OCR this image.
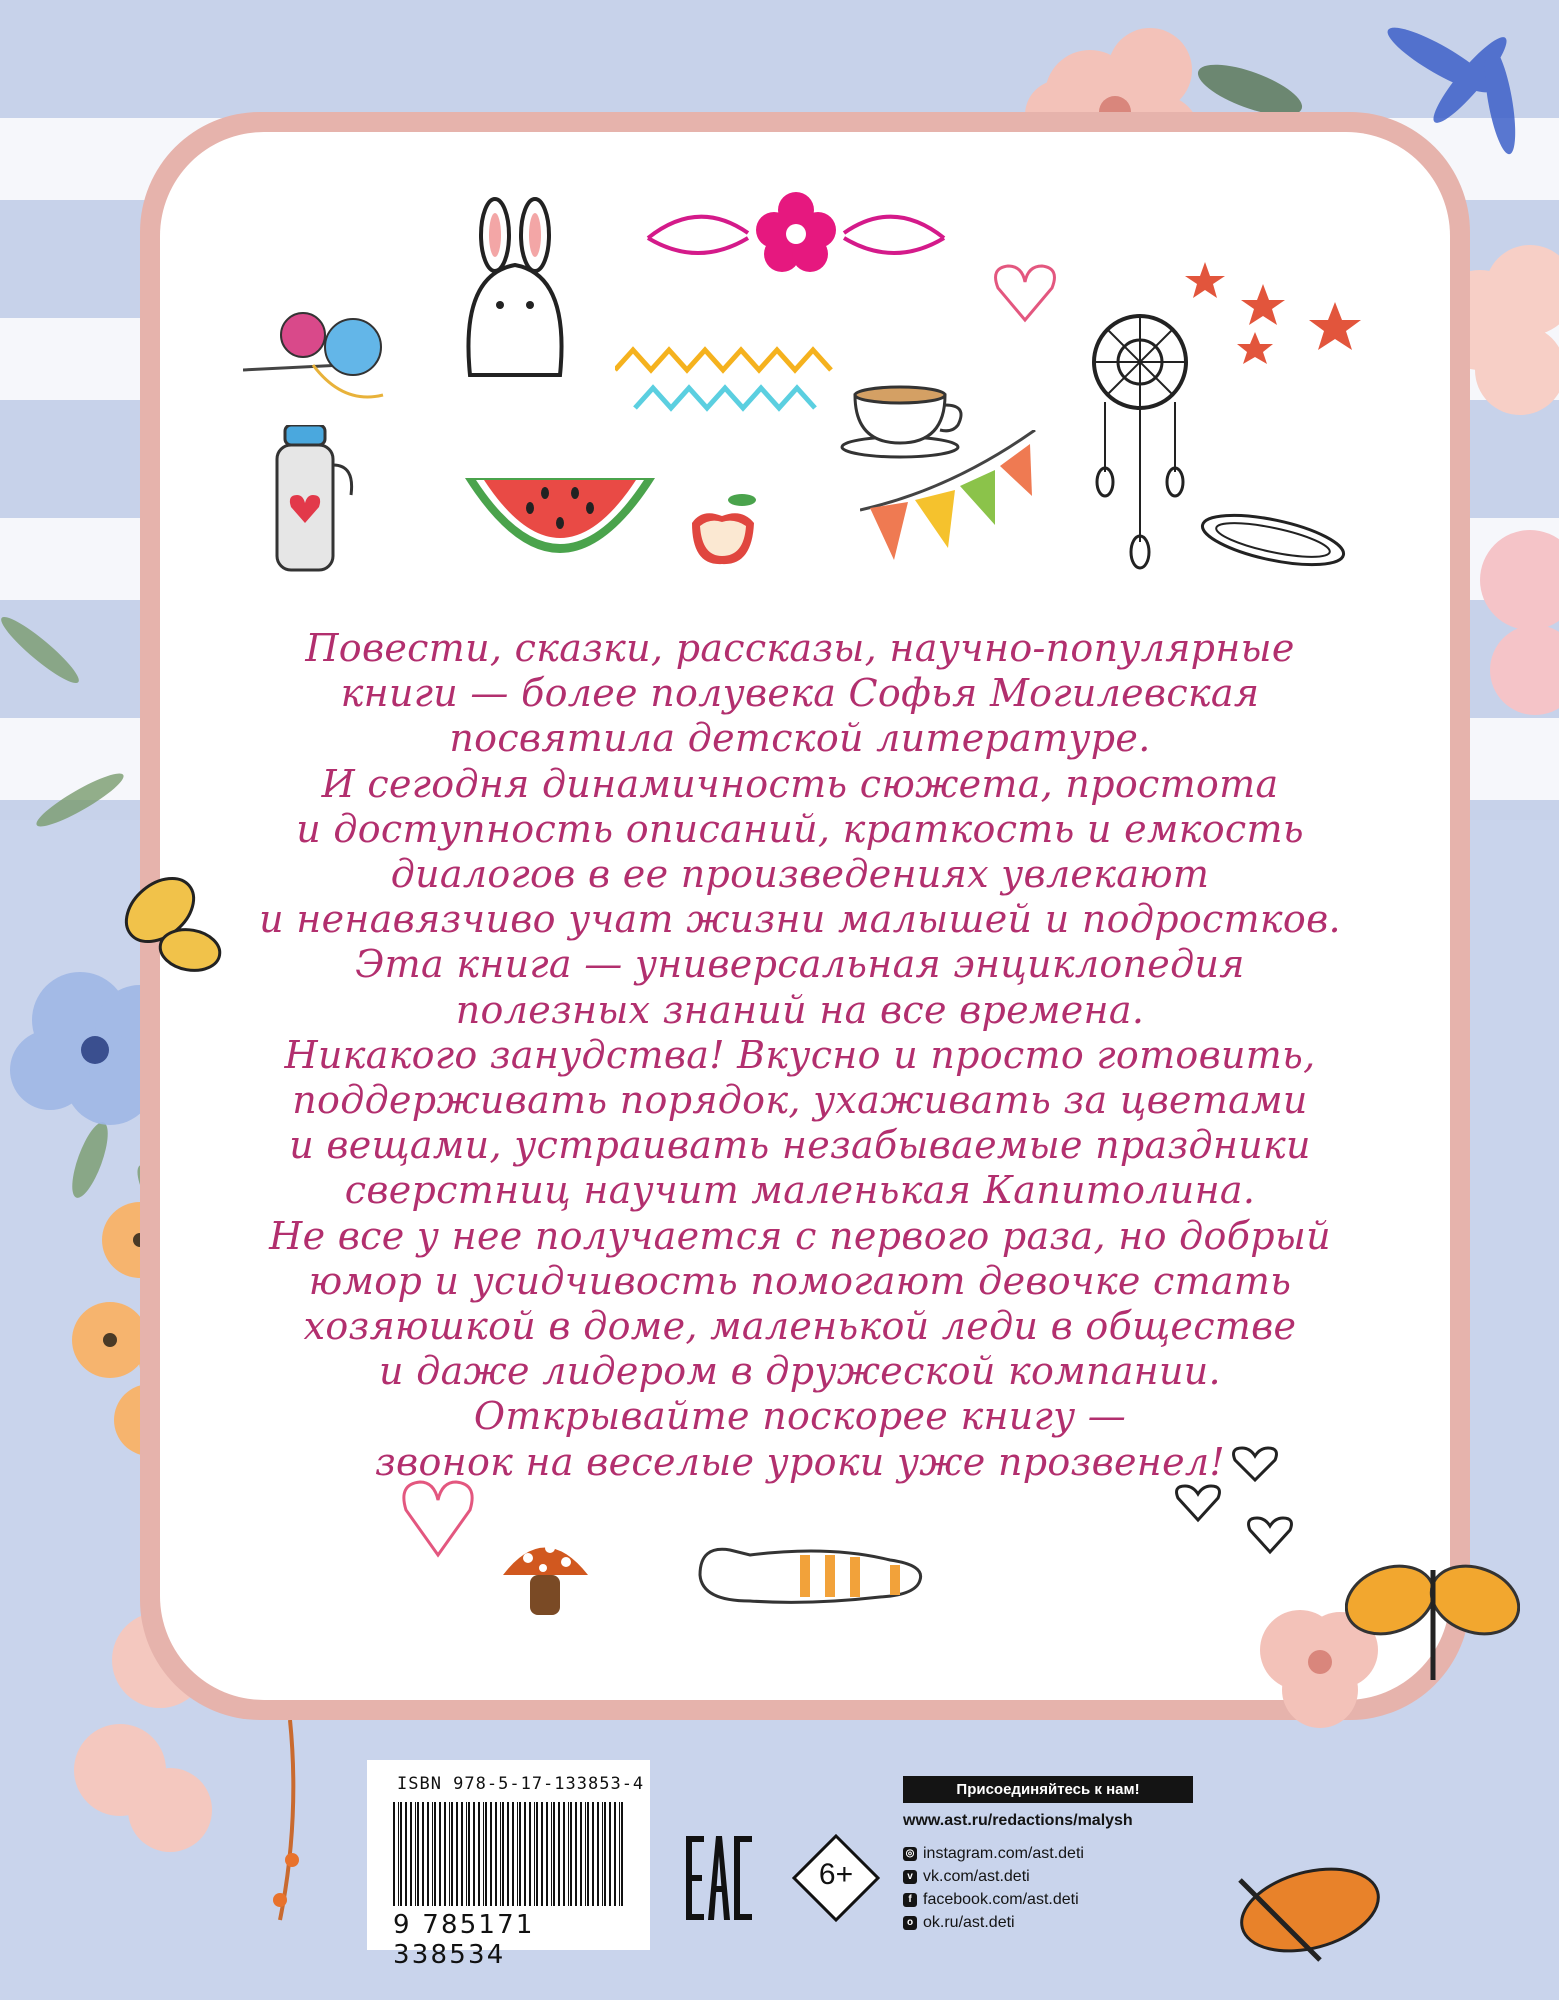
Повести, сказки, рассказы, научно-популярные
книги — более полувека Софья Могилевская
посвятила детской литературе.
И сегодня динамичность сюжета, простота
и доступность описаний, краткость и емкость
диалогов в ее произведениях увлекают
и ненавязчиво учат жизни малышей и подростков.
Эта книга — универсальная энциклопедия
полезных знаний на все времена.
Никакого занудства! Вкусно и просто готовить,
поддерживать порядок, ухаживать за цветами
и вещами, устраивать незабываемые праздники
сверстниц научит маленькая Капитолина.
Не все у нее получается с первого раза, но добрый
юмор и усидчивость помогают девочке стать
хозяюшкой в доме, маленькой леди в обществе
и даже лидером в дружеской компании.
Открывайте поскорее книгу —
звонок на веселые уроки уже прозвенел!
ISBN 978-5-17-133853-4
9 785171 338534
6+
Присоединяйтесь к нам!
www.ast.ru/redactions/malysh
◎ instagram.com/ast.deti
v vk.com/ast.deti
f facebook.com/ast.deti
o ok.ru/ast.deti
